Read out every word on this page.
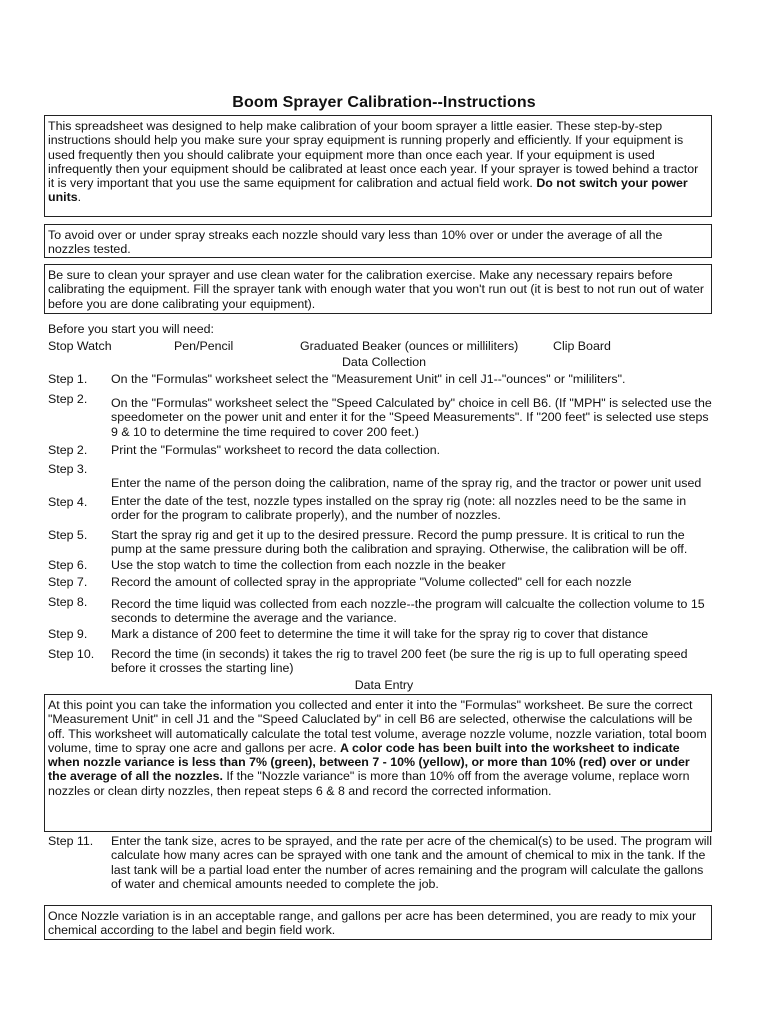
Boom Sprayer Calibration--Instructions
This spreadsheet was designed to help make calibration of your boom sprayer a little easier. These step-by-step instructions should help you make sure your spray equipment is running properly and efficiently. If your equipment is used frequently then you should calibrate your equipment more than once each year. If your equipment is used infrequently then your equipment should be calibrated at least once each year. If your sprayer is towed behind a tractor it is very important that you use the same equipment for calibration and actual field work. Do not switch your power units.
To avoid over or under spray streaks each nozzle should vary less than 10% over or under the average of all the nozzles tested.
Be sure to clean your sprayer and use clean water for the calibration exercise. Make any necessary repairs before calibrating the equipment. Fill the sprayer tank with enough water that you won't run out (it is best to not run out of water before you are done calibrating your equipment).
Before you start you will need:
Stop Watch	Pen/Pencil	Graduated Beaker (ounces or milliliters)	Clip Board
Data Collection
Step 1. On the "Formulas" worksheet select the "Measurement Unit" in cell J1--"ounces" or "mililiters".
Step 2. On the "Formulas" worksheet select the "Speed Calculated by" choice in cell B6. (If "MPH" is selected use the speedometer on the power unit and enter it for the "Speed Measurements". If "200 feet" is selected use steps 9 & 10 to determine the time required to cover 200 feet.)
Step 2. Print the "Formulas" worksheet to record the data collection.
Step 3.
Enter the name of the person doing the calibration, name of the spray rig, and the tractor or power unit used
Step 4. Enter the date of the test, nozzle types installed on the spray rig (note: all nozzles need to be the same in order for the program to calibrate properly), and the number of nozzles.
Step 5. Start the spray rig and get it up to the desired pressure. Record the pump pressure. It is critical to run the pump at the same pressure during both the calibration and spraying. Otherwise, the calibration will be off.
Step 6. Use the stop watch to time the collection from each nozzle in the beaker
Step 7. Record the amount of collected spray in the appropriate "Volume collected" cell for each nozzle
Step 8. Record the time liquid was collected from each nozzle--the program will calcualte the collection volume to 15 seconds to determine the average and the variance.
Step 9. Mark a distance of 200 feet to determine the time it will take for the spray rig to cover that distance
Step 10. Record the time (in seconds) it takes the rig to travel 200 feet (be sure the rig is up to full operating speed before it crosses the starting line)
Data Entry
At this point you can take the information you collected and enter it into the "Formulas" worksheet. Be sure the correct "Measurement Unit" in cell J1 and the "Speed Caluclated by" in cell B6 are selected, otherwise the calculations will be off. This worksheet will automatically calculate the total test volume, average nozzle volume, nozzle variation, total boom volume, time to spray one acre and gallons per acre. A color code has been built into the worksheet to indicate when nozzle variance is less than 7% (green), between 7 - 10% (yellow), or more than 10% (red) over or under the average of all the nozzles. If the "Nozzle variance" is more than 10% off from the average volume, replace worn nozzles or clean dirty nozzles, then repeat steps 6 & 8 and record the corrected information.
Step 11. Enter the tank size, acres to be sprayed, and the rate per acre of the chemical(s) to be used. The program will calculate how many acres can be sprayed with one tank and the amount of chemical to mix in the tank. If the last tank will be a partial load enter the number of acres remaining and the program will calculate the gallons of water and chemical amounts needed to complete the job.
Once Nozzle variation is in an acceptable range, and gallons per acre has been determined, you are ready to mix your chemical according to the label and begin field work.
